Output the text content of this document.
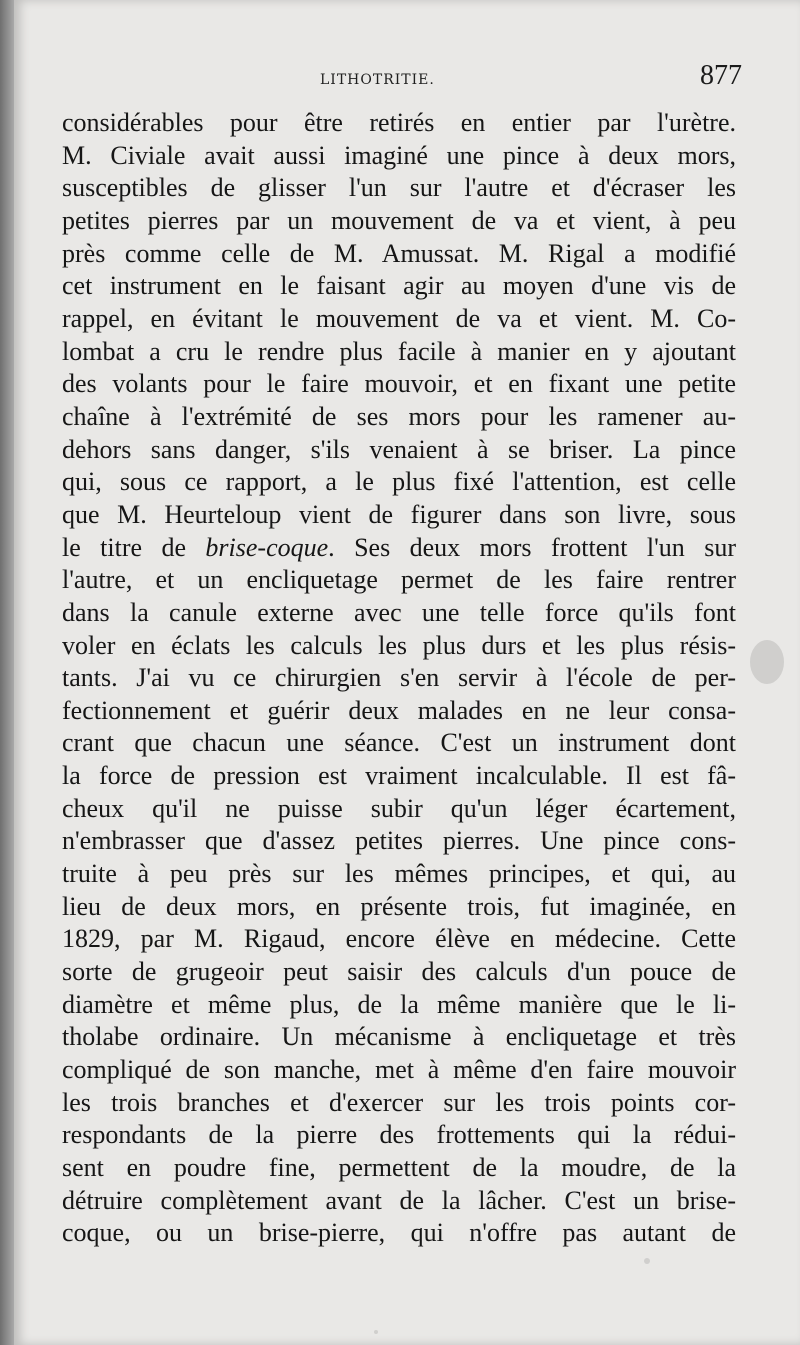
LITHOTRITIE.	877
considérables pour être retirés en entier par l'urètre.
M. Civiale avait aussi imaginé une pince à deux mors,
susceptibles de glisser l'un sur l'autre et d'écraser les
petites pierres par un mouvement de va et vient, à peu
près comme celle de M. Amussat. M. Rigal a modifié
cet instrument en le faisant agir au moyen d'une vis de
rappel, en évitant le mouvement de va et vient. M. Co-
lombat a cru le rendre plus facile à manier en y ajoutant
des volants pour le faire mouvoir, et en fixant une petite
chaîne à l'extrémité de ses mors pour les ramener au-
dehors sans danger, s'ils venaient à se briser. La pince
qui, sous ce rapport, a le plus fixé l'attention, est celle
que M. Heurteloup vient de figurer dans son livre, sous
le titre de brise-coque. Ses deux mors frottent l'un sur
l'autre, et un encliquetage permet de les faire rentrer
dans la canule externe avec une telle force qu'ils font
voler en éclats les calculs les plus durs et les plus résis-
tants. J'ai vu ce chirurgien s'en servir à l'école de per-
fectionnement et guérir deux malades en ne leur consa-
crant que chacun une séance. C'est un instrument dont
la force de pression est vraiment incalculable. Il est fâ-
cheux qu'il ne puisse subir qu'un léger écartement,
n'embrasser que d'assez petites pierres. Une pince cons-
truite à peu près sur les mêmes principes, et qui, au
lieu de deux mors, en présente trois, fut imaginée, en
1829, par M. Rigaud, encore élève en médecine. Cette
sorte de grugeoir peut saisir des calculs d'un pouce de
diamètre et même plus, de la même manière que le li-
tholabe ordinaire. Un mécanisme à encliquetage et très
compliqué de son manche, met à même d'en faire mouvoir
les trois branches et d'exercer sur les trois points cor-
respondants de la pierre des frottements qui la rédui-
sent en poudre fine, permettent de la moudre, de la
détruire complètement avant de la lâcher. C'est un brise-
coque, ou un brise-pierre, qui n'offre pas autant de
